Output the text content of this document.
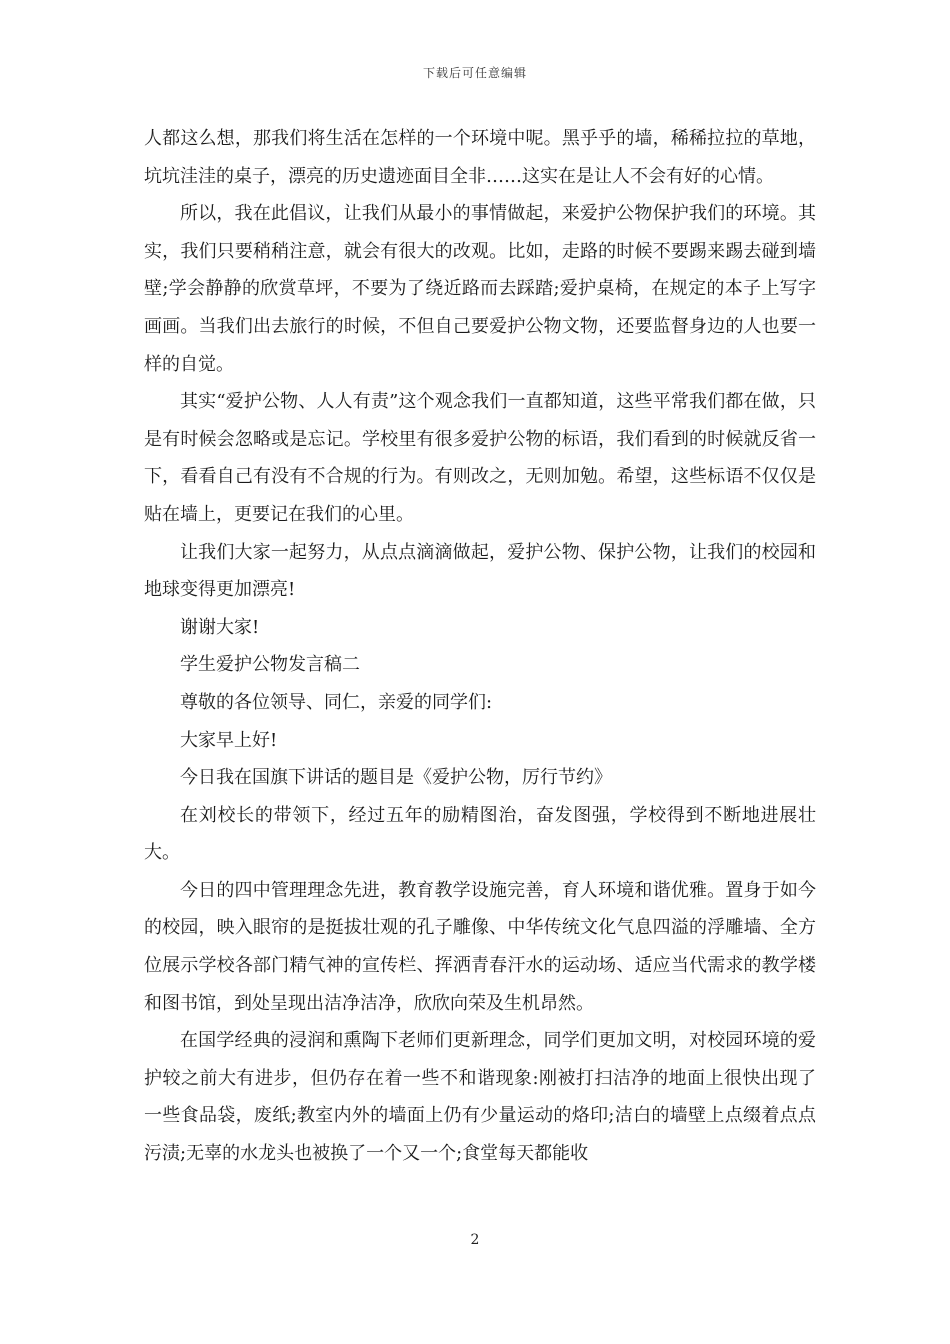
下载后可任意编辑

人都这么想，那我们将生活在怎样的一个环境中呢。黑乎乎的墙，稀稀拉拉的草地，坑坑洼洼的桌子，漂亮的历史遗迹面目全非……这实在是让人不会有好的心情。

所以，我在此倡议，让我们从最小的事情做起，来爱护公物保护我们的环境。其实，我们只要稍稍注意，就会有很大的改观。比如，走路的时候不要踢来踢去碰到墙壁;学会静静的欣赏草坪，不要为了绕近路而去踩踏;爱护桌椅，在规定的本子上写字画画。当我们出去旅行的时候，不但自己要爱护公物文物，还要监督身边的人也要一样的自觉。

其实“爱护公物、人人有责”这个观念我们一直都知道，这些平常我们都在做，只是有时候会忽略或是忘记。学校里有很多爱护公物的标语，我们看到的时候就反省一下，看看自己有没有不合规的行为。有则改之，无则加勉。希望，这些标语不仅仅是贴在墙上，更要记在我们的心里。

让我们大家一起努力，从点点滴滴做起，爱护公物、保护公物，让我们的校园和地球变得更加漂亮!

谢谢大家!

学生爱护公物发言稿二

尊敬的各位领导、同仁，亲爱的同学们:

大家早上好!

今日我在国旗下讲话的题目是《爱护公物，厉行节约》

在刘校长的带领下，经过五年的励精图治，奋发图强，学校得到不断地进展壮大。

今日的四中管理理念先进，教育教学设施完善，育人环境和谐优雅。置身于如今的校园，映入眼帘的是挺拔壮观的孔子雕像、中华传统文化气息四溢的浮雕墙、全方位展示学校各部门精气神的宣传栏、挥洒青春汗水的运动场、适应当代需求的教学楼和图书馆，到处呈现出洁净洁净，欣欣向荣及生机昂然。

在国学经典的浸润和熏陶下老师们更新理念，同学们更加文明，对校园环境的爱护较之前大有进步，但仍存在着一些不和谐现象:刚被打扫洁净的地面上很快出现了一些食品袋，废纸;教室内外的墙面上仍有少量运动的烙印;洁白的墙壁上点缀着点点污渍;无辜的水龙头也被换了一个又一个;食堂每天都能收

2
